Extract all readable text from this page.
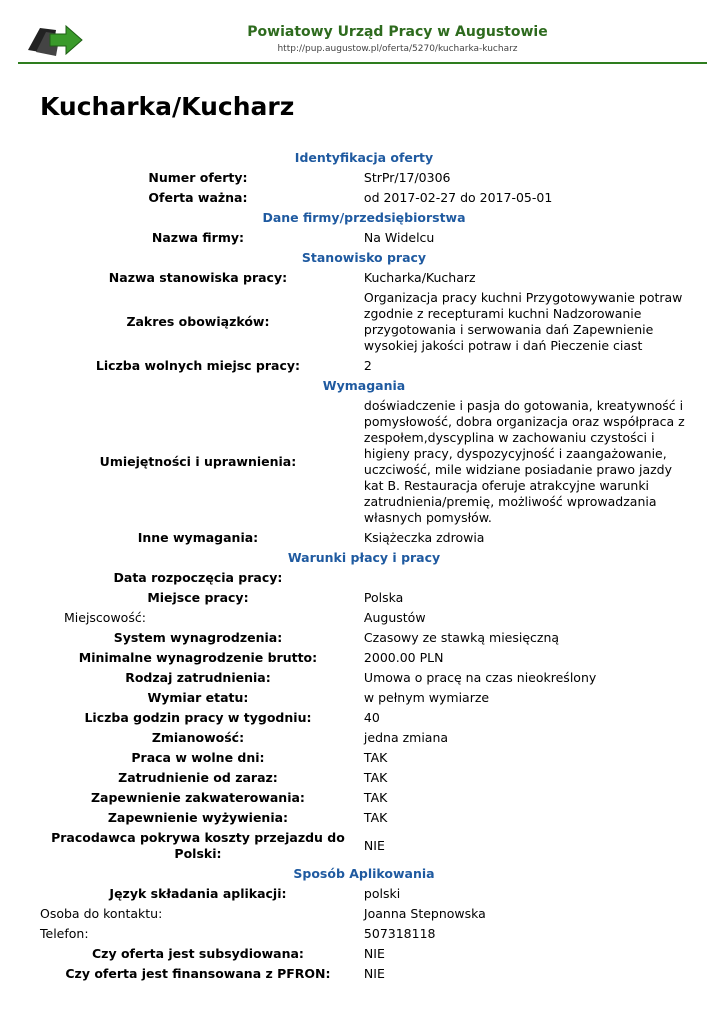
Powiatowy Urząd Pracy w Augustowie
http://pup.augustow.pl/oferta/5270/kucharka-kucharz
Kucharka/Kucharz
Identyfikacja oferty	
Numer oferty:	StrPr/17/0306
Oferta ważna:	od 2017-02-27 do 2017-05-01
Dane firmy/przedsiębiorstwa	
Nazwa firmy:	Na Widelcu
Stanowisko pracy	
Nazwa stanowiska pracy:	Kucharka/Kucharz
Zakres obowiązków:	Organizacja pracy kuchni Przygotowywanie potraw zgodnie z recepturami kuchni Nadzorowanie przygotowania i serwowania dań Zapewnienie wysokiej jakości potraw i dań Pieczenie ciast
Liczba wolnych miejsc pracy:	2
Wymagania	
Umiejętności i uprawnienia:	doświadczenie i pasja do gotowania, kreatywność i pomysłowość, dobra organizacja oraz współpraca z zespołem,dyscyplina w zachowaniu czystości i higieny pracy, dyspozycyjność i zaangażowanie, uczciwość, mile widziane posiadanie prawo jazdy kat B. Restauracja oferuje atrakcyjne warunki zatrudnienia/premię, możliwość wprowadzania własnych pomysłów.
Inne wymagania:	Książeczka zdrowia
Warunki płacy i pracy	
Data rozpoczęcia pracy:	
Miejsce pracy:	Polska
Miejscowość:	Augustów
System wynagrodzenia:	Czasowy ze stawką miesięczną
Minimalne wynagrodzenie brutto:	2000.00 PLN
Rodzaj zatrudnienia:	Umowa o pracę na czas nieokreślony
Wymiar etatu:	w pełnym wymiarze
Liczba godzin pracy w tygodniu:	40
Zmianowość:	jedna zmiana
Praca w wolne dni:	TAK
Zatrudnienie od zaraz:	TAK
Zapewnienie zakwaterowania:	TAK
Zapewnienie wyżywienia:	TAK
Pracodawca pokrywa koszty przejazdu do Polski:	NIE
Sposób Aplikowania	
Język składania aplikacji:	polski
Osoba do kontaktu:	Joanna Stepnowska
Telefon:	507318118
Czy oferta jest subsydiowana:	NIE
Czy oferta jest finansowana z PFRON:	NIE
